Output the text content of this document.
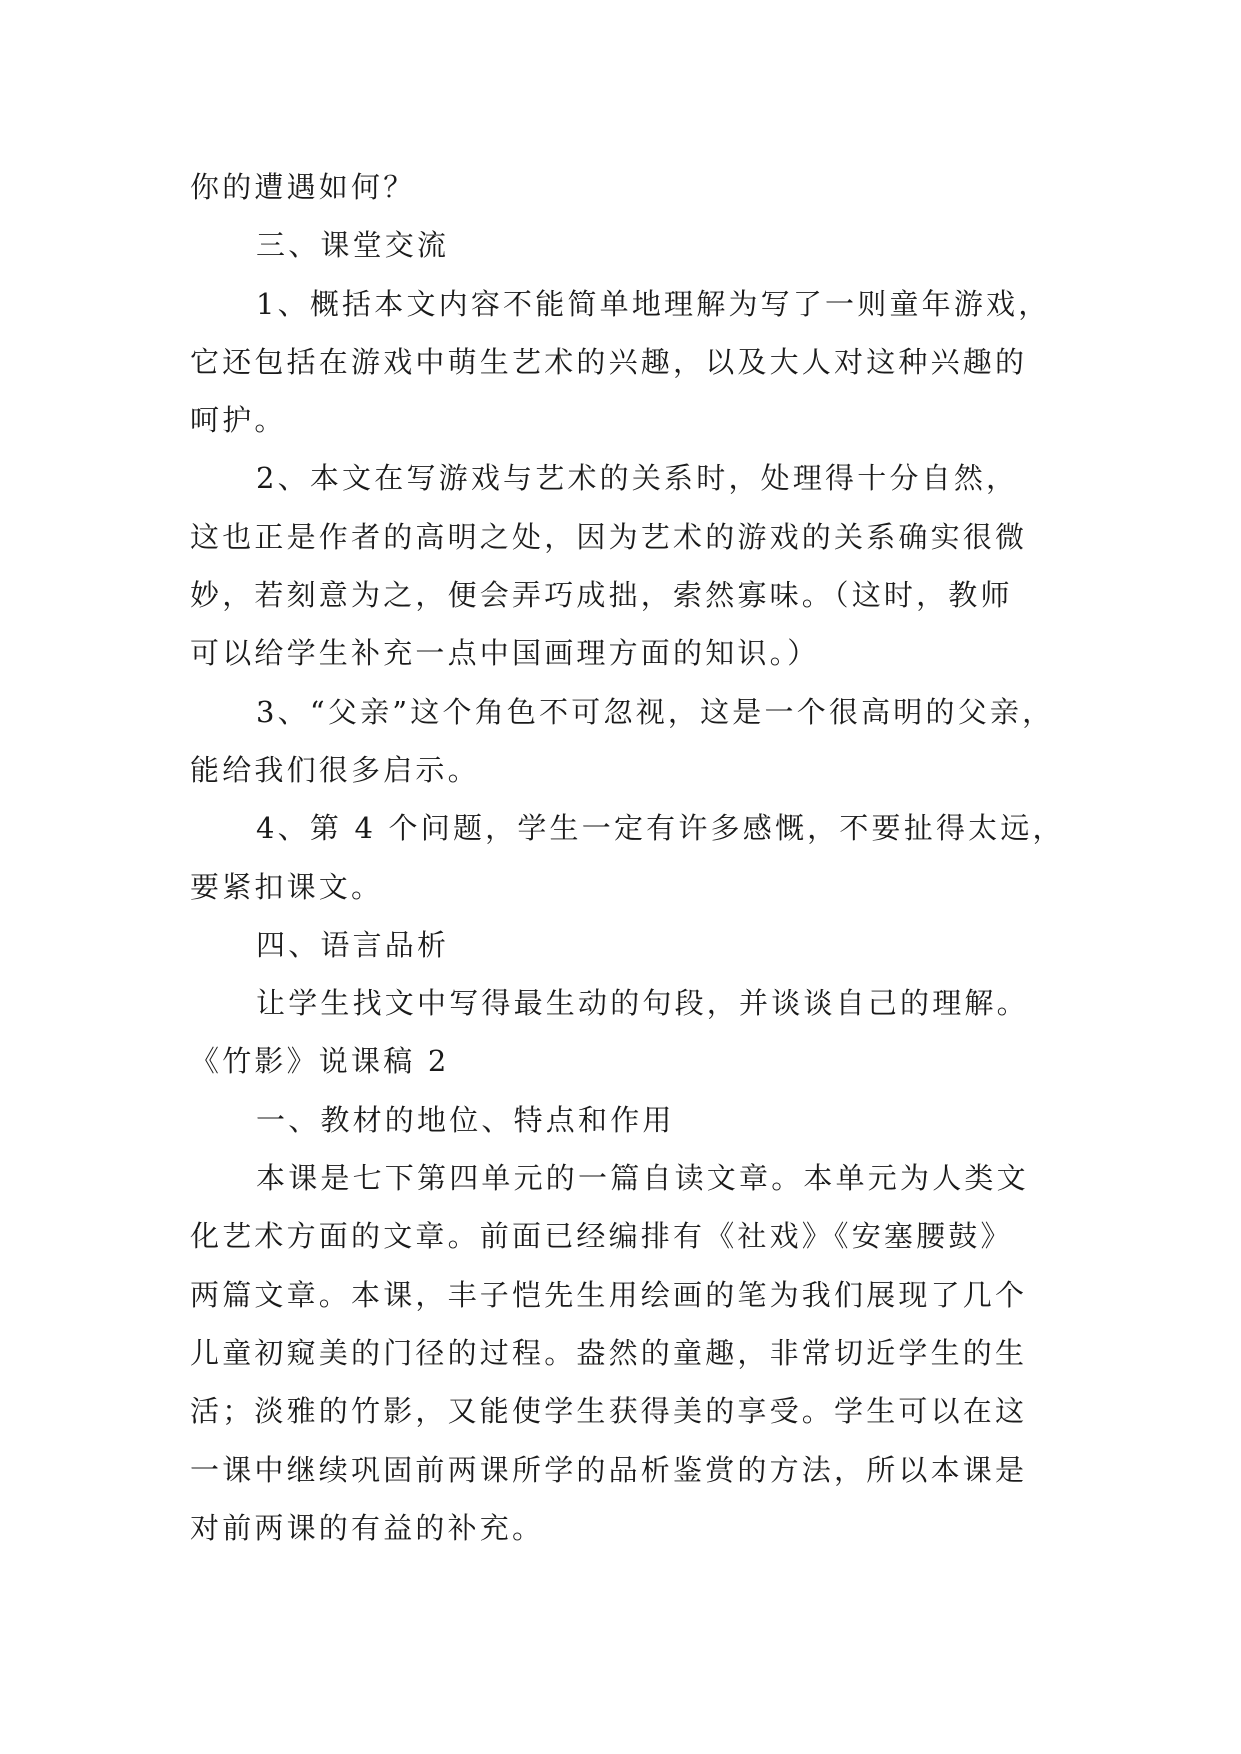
你的遭遇如何？
三、课堂交流
1、概括本文内容不能简单地理解为写了一则童年游戏，
它还包括在游戏中萌生艺术的兴趣，以及大人对这种兴趣的
呵护。
2、本文在写游戏与艺术的关系时，处理得十分自然，
这也正是作者的高明之处，因为艺术的游戏的关系确实很微
妙，若刻意为之，便会弄巧成拙，索然寡味。（这时，教师
可以给学生补充一点中国画理方面的知识。）
3、“父亲”这个角色不可忽视，这是一个很高明的父亲，
能给我们很多启示。
4、第 4 个问题，学生一定有许多感慨，不要扯得太远，
要紧扣课文。
四、语言品析
让学生找文中写得最生动的句段，并谈谈自己的理解。
《竹影》说课稿 2
一、教材的地位、特点和作用
本课是七下第四单元的一篇自读文章。本单元为人类文
化艺术方面的文章。前面已经编排有《社戏》《安塞腰鼓》
两篇文章。本课，丰子恺先生用绘画的笔为我们展现了几个
儿童初窥美的门径的过程。盎然的童趣，非常切近学生的生
活；淡雅的竹影，又能使学生获得美的享受。学生可以在这
一课中继续巩固前两课所学的品析鉴赏的方法，所以本课是
对前两课的有益的补充。
